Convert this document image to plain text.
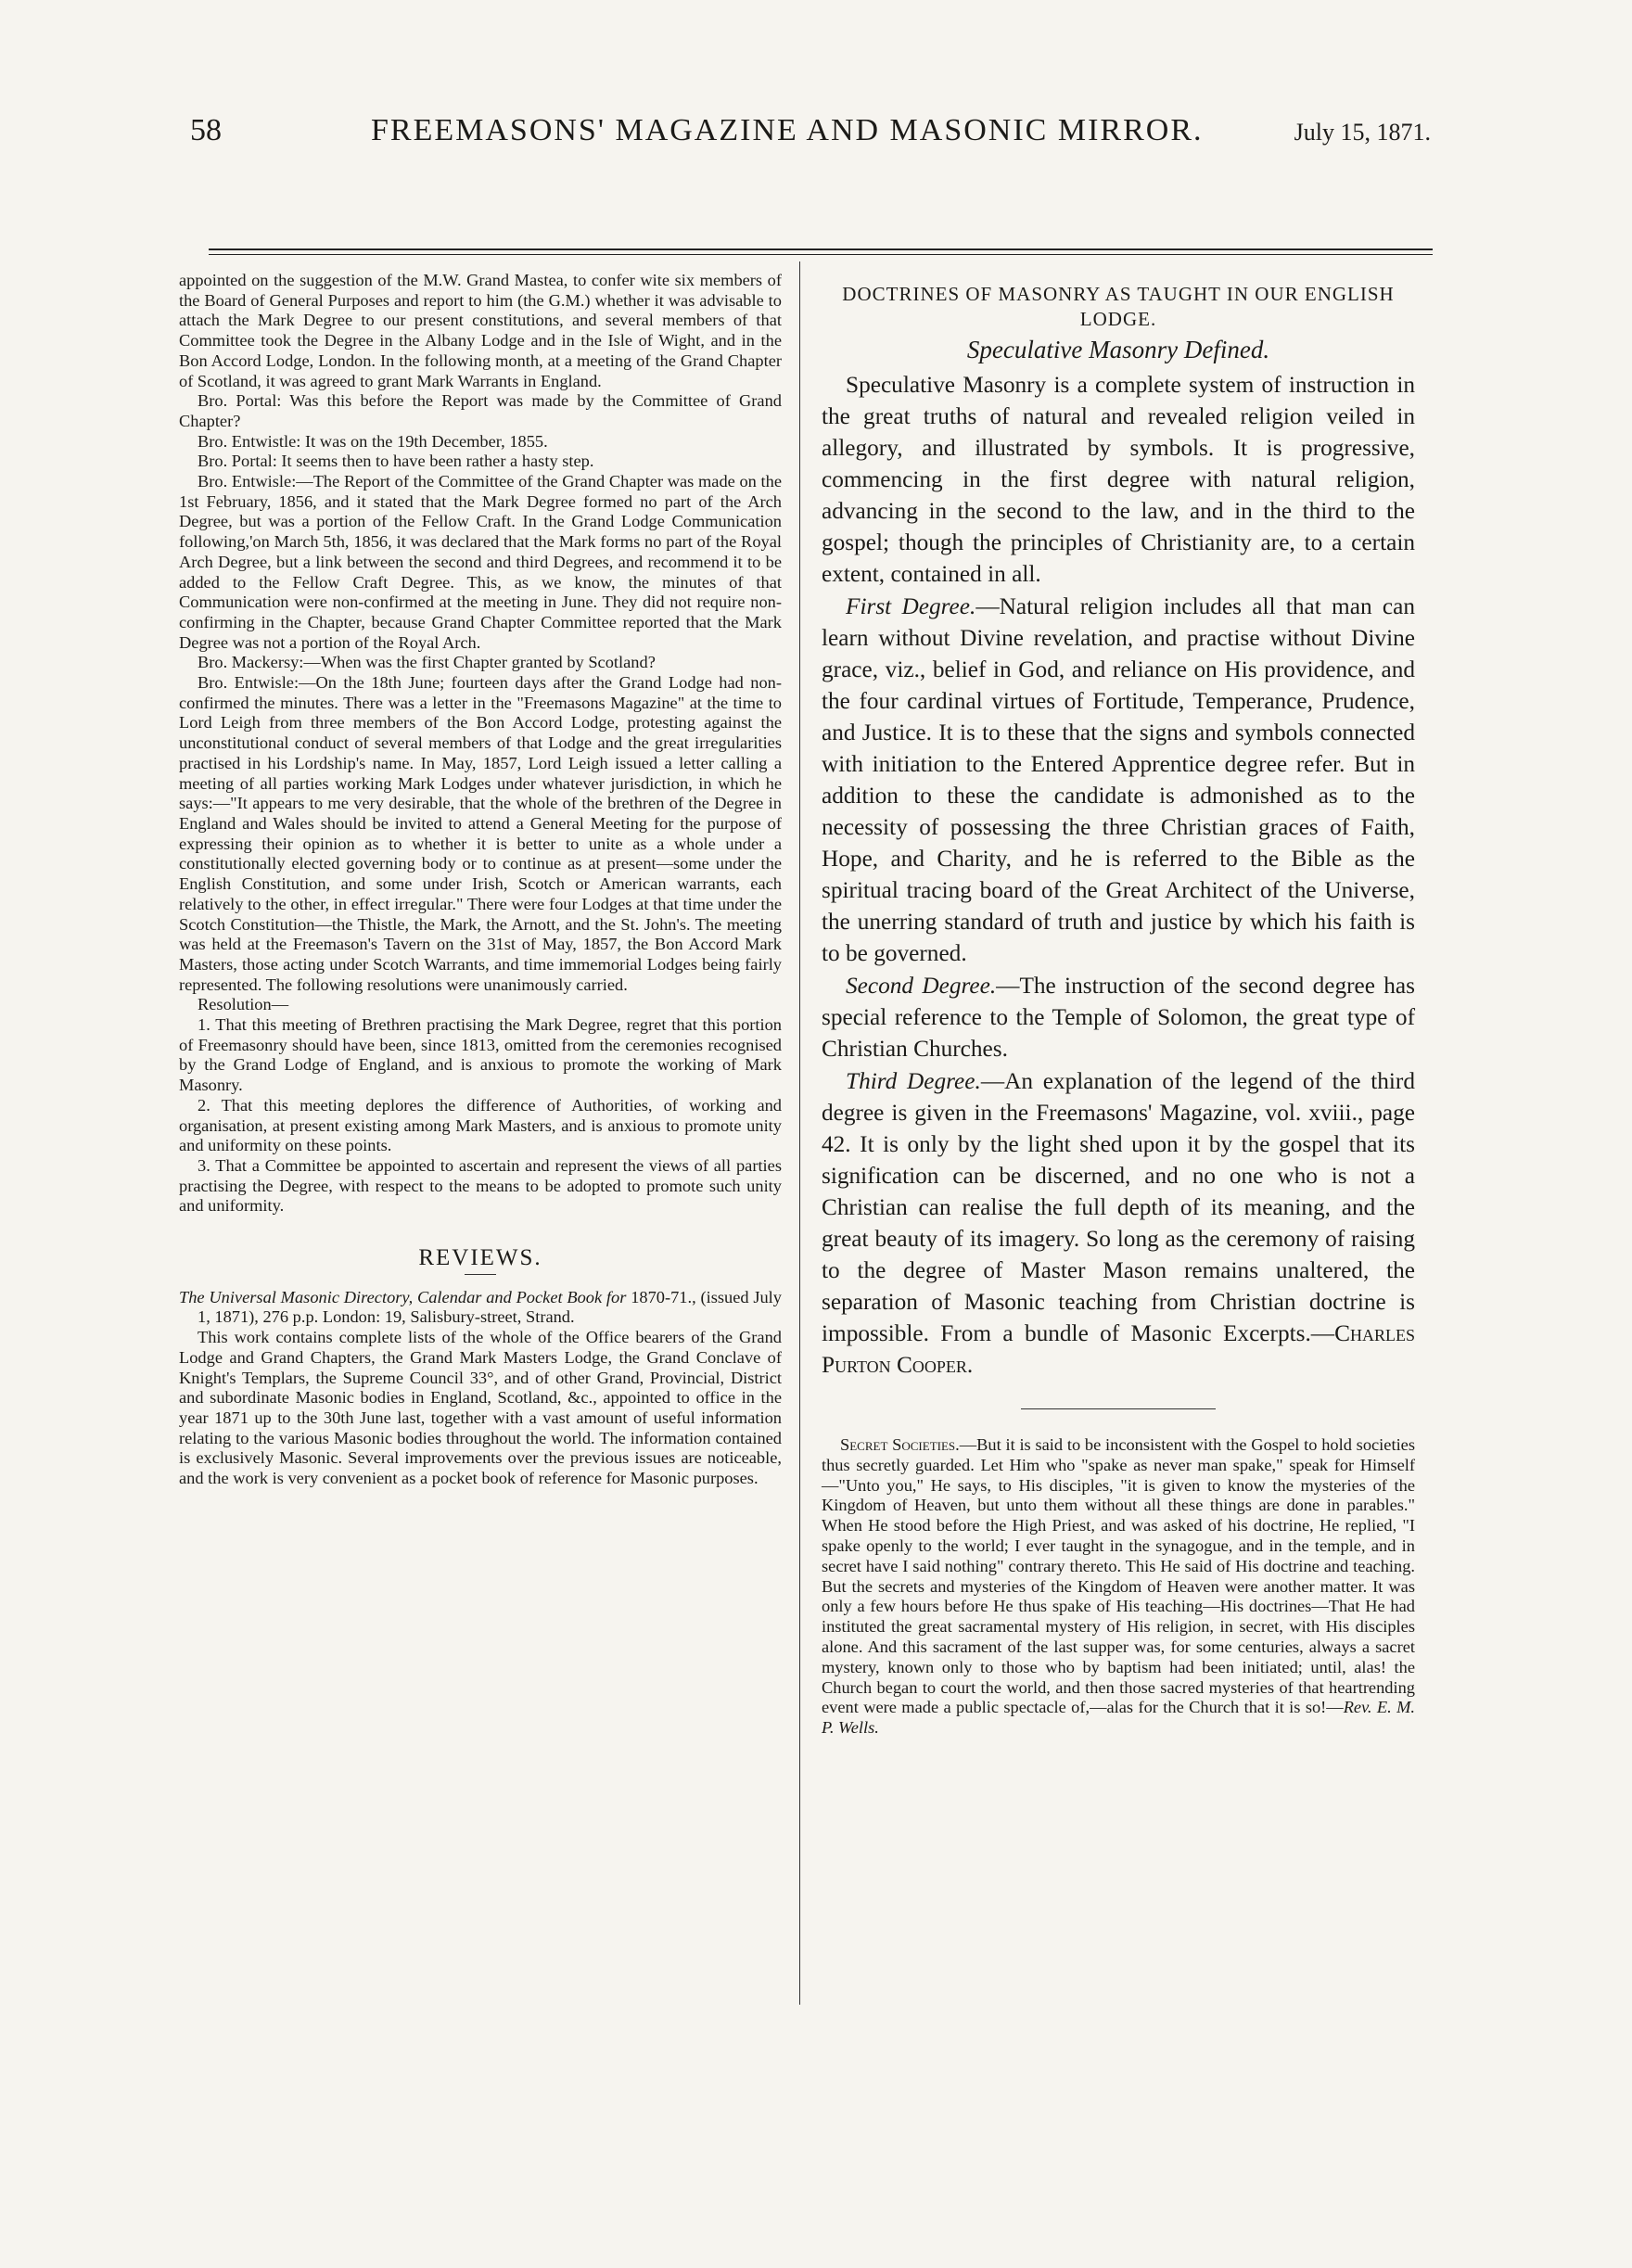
58	FREEMASONS' MAGAZINE AND MASONIC MIRROR.	July 15, 1871.

appointed on the suggestion of the M.W. Grand Mastea, to confer wite six members of the Board of General Purposes and report to him (the G.M.) whether it was advisable to attach the Mark Degree to our present constitutions, and several members of that Committee took the Degree in the Albany Lodge and in the Isle of Wight, and in the Bon Accord Lodge, London. In the following month, at a meeting of the Grand Chapter of Scotland, it was agreed to grant Mark Warrants in England.

Bro. Portal: Was this before the Report was made by the Committee of Grand Chapter?

Bro. Entwistle: It was on the 19th December, 1855.

Bro. Portal: It seems then to have been rather a hasty step.

Bro. Entwisle:—The Report of the Committee of the Grand Chapter was made on the 1st February, 1856, and it stated that the Mark Degree formed no part of the Arch Degree, but was a portion of the Fellow Craft. In the Grand Lodge Communication following,'on March 5th, 1856, it was declared that the Mark forms no part of the Royal Arch Degree, but a link between the second and third Degrees, and recommend it to be added to the Fellow Craft Degree. This, as we know, the minutes of that Communication were non-confirmed at the meeting in June. They did not require non-confirming in the Chapter, because Grand Chapter Committee reported that the Mark Degree was not a portion of the Royal Arch.

Bro. Mackersy:—When was the first Chapter granted by Scotland?

Bro. Entwisle:—On the 18th June; fourteen days after the Grand Lodge had non-confirmed the minutes. There was a letter in the "Freemasons Magazine" at the time to Lord Leigh from three members of the Bon Accord Lodge, protesting against the unconstitutional conduct of several members of that Lodge and the great irregularities practised in his Lordship's name. In May, 1857, Lord Leigh issued a letter calling a meeting of all parties working Mark Lodges under whatever jurisdiction, in which he says:—"It appears to me very desirable, that the whole of the brethren of the Degree in England and Wales should be invited to attend a General Meeting for the purpose of expressing their opinion as to whether it is better to unite as a whole under a constitutionally elected governing body or to continue as at present—some under the English Constitution, and some under Irish, Scotch or American warrants, each relatively to the other, in effect irregular." There were four Lodges at that time under the Scotch Constitution—the Thistle, the Mark, the Arnott, and the St. John's. The meeting was held at the Freemason's Tavern on the 31st of May, 1857, the Bon Accord Mark Masters, those acting under Scotch Warrants, and time immemorial Lodges being fairly represented. The following resolutions were unanimously carried.

Resolution—

1. That this meeting of Brethren practising the Mark Degree, regret that this portion of Freemasonry should have been, since 1813, omitted from the ceremonies recognised by the Grand Lodge of England, and is anxious to promote the working of Mark Masonry.

2. That this meeting deplores the difference of Authorities, of working and organisation, at present existing among Mark Masters, and is anxious to promote unity and uniformity on these points.

3. That a Committee be appointed to ascertain and represent the views of all parties practising the Degree, with respect to the means to be adopted to promote such unity and uniformity.

REVIEWS.

The Universal Masonic Directory, Calendar and Pocket Book for 1870-71., (issued July 1, 1871), 276 p.p. London: 19, Salisbury-street, Strand.

This work contains complete lists of the whole of the Office bearers of the Grand Lodge and Grand Chapters, the Grand Mark Masters Lodge, the Grand Conclave of Knight's Templars, the Supreme Council 33°, and of other Grand, Provincial, District and subordinate Masonic bodies in England, Scotland, &c., appointed to office in the year 1871 up to the 30th June last, together with a vast amount of useful information relating to the various Masonic bodies throughout the world. The information contained is exclusively Masonic. Several improvements over the previous issues are noticeable, and the work is very convenient as a pocket book of reference for Masonic purposes.

DOCTRINES OF MASONRY AS TAUGHT IN OUR ENGLISH LODGE.
Speculative Masonry Defined.

Speculative Masonry is a complete system of instruction in the great truths of natural and revealed religion veiled in allegory, and illustrated by symbols. It is progressive, commencing in the first degree with natural religion, advancing in the second to the law, and in the third to the gospel; though the principles of Christianity are, to a certain extent, contained in all.

First Degree.—Natural religion includes all that man can learn without Divine revelation, and practise without Divine grace, viz., belief in God, and reliance on His providence, and the four cardinal virtues of Fortitude, Temperance, Prudence, and Justice. It is to these that the signs and symbols connected with initiation to the Entered Apprentice degree refer. But in addition to these the candidate is admonished as to the necessity of possessing the three Christian graces of Faith, Hope, and Charity, and he is referred to the Bible as the spiritual tracing board of the Great Architect of the Universe, the unerring standard of truth and justice by which his faith is to be governed.

Second Degree.—The instruction of the second degree has special reference to the Temple of Solomon, the great type of Christian Churches.

Third Degree.—An explanation of the legend of the third degree is given in the Freemasons' Magazine, vol. xviii., page 42. It is only by the light shed upon it by the gospel that its signification can be discerned, and no one who is not a Christian can realise the full depth of its meaning, and the great beauty of its imagery. So long as the ceremony of raising to the degree of Master Mason remains unaltered, the separation of Masonic teaching from Christian doctrine is impossible. From a bundle of Masonic Excerpts.—Charles Purton Cooper.

Secret Societies.—But it is said to be inconsistent with the Gospel to hold societies thus secretly guarded. Let Him who "spake as never man spake," speak for Himself—"Unto you," He says, to His disciples, "it is given to know the mysteries of the Kingdom of Heaven, but unto them without all these things are done in parables." When He stood before the High Priest, and was asked of his doctrine, He replied, "I spake openly to the world; I ever taught in the synagogue, and in the temple, and in secret have I said nothing" contrary thereto. This He said of His doctrine and teaching. But the secrets and mysteries of the Kingdom of Heaven were another matter. It was only a few hours before He thus spake of His teaching—His doctrines—That He had instituted the great sacramental mystery of His religion, in secret, with His disciples alone. And this sacrament of the last supper was, for some centuries, always a sacret mystery, known only to those who by baptism had been initiated; until, alas! the Church began to court the world, and then those sacred mysteries of that heartrending event were made a public spectacle of,—alas for the Church that it is so!—Rev. E. M. P. Wells.
